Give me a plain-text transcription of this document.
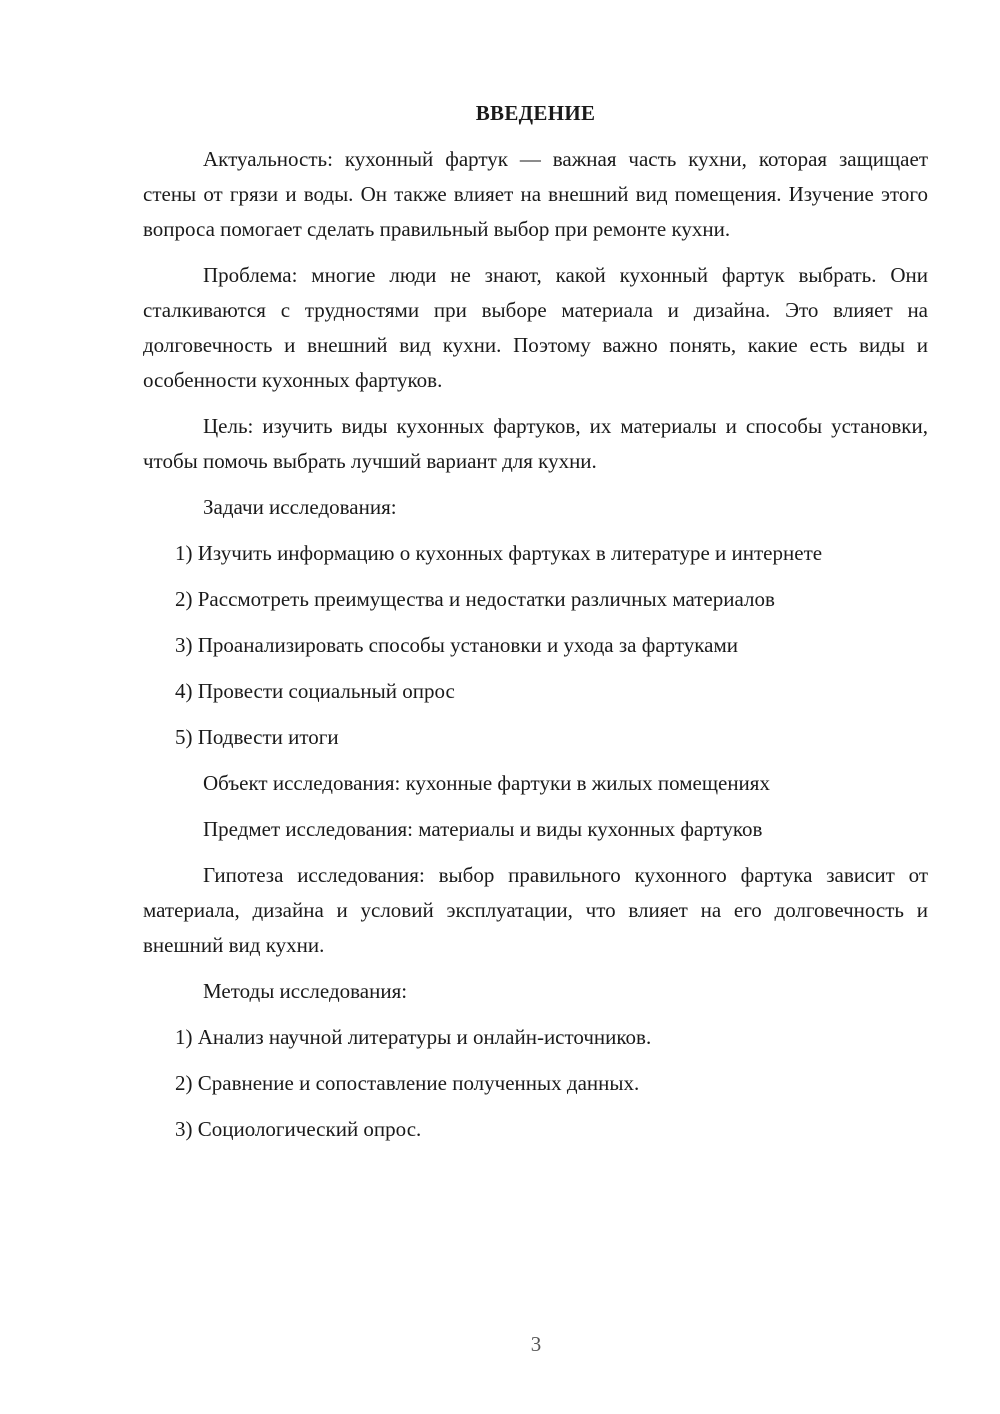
ВВЕДЕНИЕ

Актуальность: кухонный фартук — важная часть кухни, которая защищает стены от грязи и воды. Он также влияет на внешний вид помещения. Изучение этого вопроса помогает сделать правильный выбор при ремонте кухни.

Проблема: многие люди не знают, какой кухонный фартук выбрать. Они сталкиваются с трудностями при выборе материала и дизайна. Это влияет на долговечность и внешний вид кухни. Поэтому важно понять, какие есть виды и особенности кухонных фартуков.

Цель: изучить виды кухонных фартуков, их материалы и способы установки, чтобы помочь выбрать лучший вариант для кухни.

Задачи исследования:

1) Изучить информацию о кухонных фартуках в литературе и интернете

2) Рассмотреть преимущества и недостатки различных материалов

3) Проанализировать способы установки и ухода за фартуками

4) Провести социальный опрос

5) Подвести итоги

Объект исследования: кухонные фартуки в жилых помещениях

Предмет исследования: материалы и виды кухонных фартуков

Гипотеза исследования: выбор правильного кухонного фартука зависит от материала, дизайна и условий эксплуатации, что влияет на его долговечность и внешний вид кухни.

Методы исследования:

1) Анализ научной литературы и онлайн-источников.

2) Сравнение и сопоставление полученных данных.

3) Социологический опрос.

3
